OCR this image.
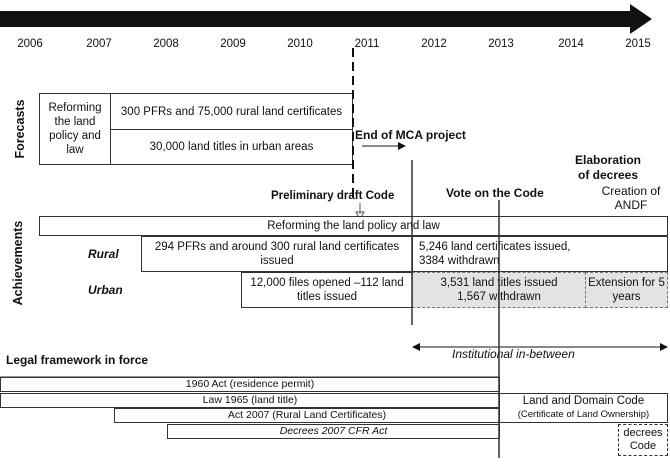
2006	2007	2008	2009	2010	2011	2012	2013	2014	2015
Forecasts
Achievements
Reforming the land policy and law
300 PFRs and 75,000 rural land certificates
30,000 land titles in urban areas
End of MCA project
Elaboration of decrees
Creation of ANDF
Preliminary draft Code	Vote on the Code
Reforming the land policy and law
Rural
Urban
294 PFRs and around 300 rural land certificates issued
5,246 land certificates issued, 3384 withdrawn
12,000 files opened –112 land titles issued
3,531 land titles issued 1,567 withdrawn
Extension for 5 years
Institutional in-between
Legal framework in force
1960 Act (residence permit)
Law 1965 (land title)
Act 2007 (Rural Land Certificates)
Decrees 2007 CFR Act
Land and Domain Code
(Certificate of Land Ownership)
decrees Code
